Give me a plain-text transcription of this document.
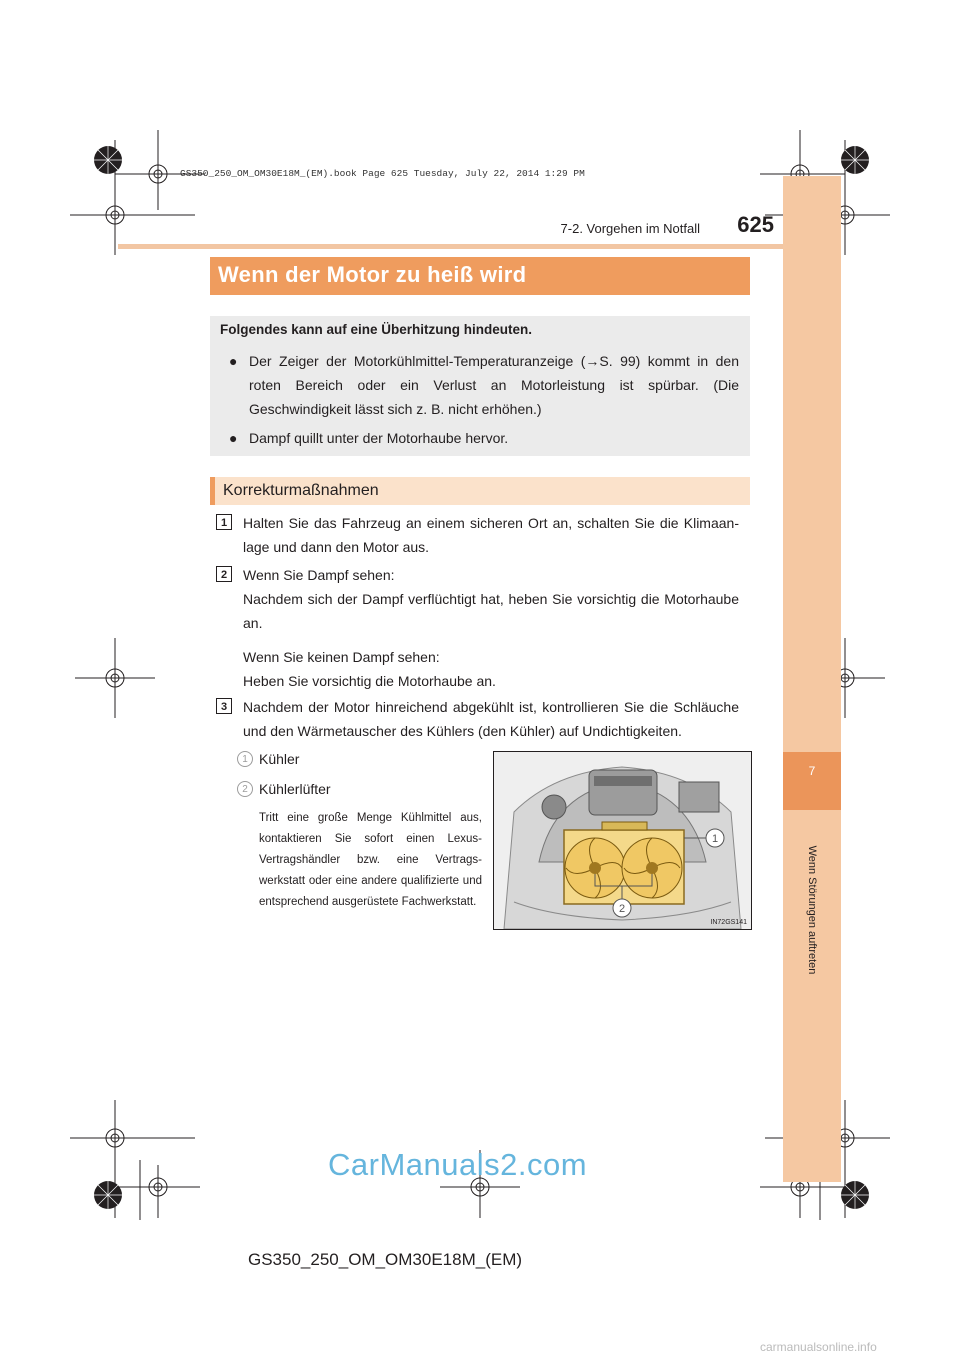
GS350_250_OM_OM30E18M_(EM).book Page 625 Tuesday, July 22, 2014 1:29 PM
7-2. Vorgehen im Notfall	625
7
Wenn Störungen auftreten
Wenn der Motor zu heiß wird
Folgendes kann auf eine Überhitzung hindeuten.
● Der Zeiger der Motorkühlmittel-Temperaturanzeige (→S. 99) kommt in den roten Bereich oder ein Verlust an Motorleistung ist spürbar. (Die Geschwindigkeit lässt sich z. B. nicht erhöhen.)
● Dampf quillt unter der Motorhaube hervor.
Korrekturmaßnahmen
1	Halten Sie das Fahrzeug an einem sicheren Ort an, schalten Sie die Klimaanlage und dann den Motor aus.
2	Wenn Sie Dampf sehen:
Nachdem sich der Dampf verflüchtigt hat, heben Sie vorsichtig die Motorhaube an.
Wenn Sie keinen Dampf sehen:
Heben Sie vorsichtig die Motorhaube an.
3	Nachdem der Motor hinreichend abgekühlt ist, kontrollieren Sie die Schläuche und den Wärmetauscher des Kühlers (den Kühler) auf Undichtigkeiten.
1 Kühler
2 Kühlerlüfter
Tritt eine große Menge Kühlmittel aus, kontaktieren Sie sofort einen Lexus-Vertragshändler bzw. eine Vertragswerkstatt oder eine andere qualifizierte und entsprechend ausgerüstete Fachwerkstatt.
1
2
IN72GS141
GS350_250_OM_OM30E18M_(EM)
CarManuals2.com
carmanualsonline.info
